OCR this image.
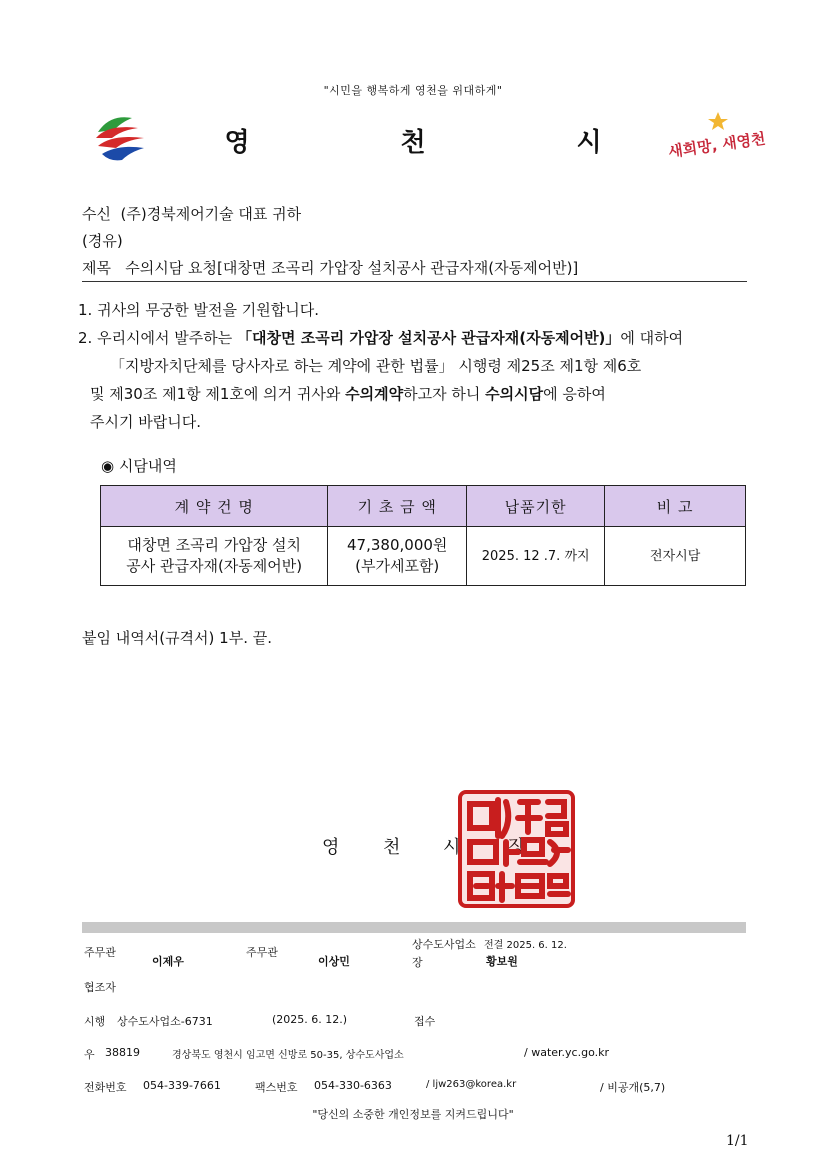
"시민을 행복하게 영천을 위대하게"
영	천	시	새희망, 새영천
수신 (주)경북제어기술 대표 귀하
(경유)
제목 수의시담 요청[대창면 조곡리 가압장 설치공사 관급자재(자동제어반)]

1. 귀사의 무궁한 발전을 기원합니다.

2. 우리시에서 발주하는 「대창면 조곡리 가압장 설치공사 관급자재(자동제어반)」에 대하여

「지방자치단체를 당사자로 하는 계약에 관한 법률」 시행령 제25조 제1항 제6호

및 제30조 제1항 제1호에 의거 귀사와 수의계약하고자 하니 수의시담에 응하여

주시기 바랍니다.

◉ 시담내역
계 약 건 명	기 초 금 액	납품기한	비 고
대창면 조곡리 가압장 설치
공사 관급자재(자동제어반)	47,380,000원
(부가세포함)	2025. 12 .7. 까지	전자시담
붙임 내역서(규격서) 1부. 끝.
영 천 시
주무관
이제우
주무관
이상민
상수도사업소 전결 2025. 6. 12.
장	황보원
협조자
시행 상수도사업소-6731	(2025. 6. 12.)	접수
우 38819	경상북도 영천시 임고면 신방로 50-35, 상수도사업소	/ water.yc.go.kr
전화번호 054-339-7661	팩스번호 054-330-6363	/ ljw263@korea.kr	/ 비공개(5,7)
"당신의 소중한 개인정보를 지켜드립니다"
1/1
